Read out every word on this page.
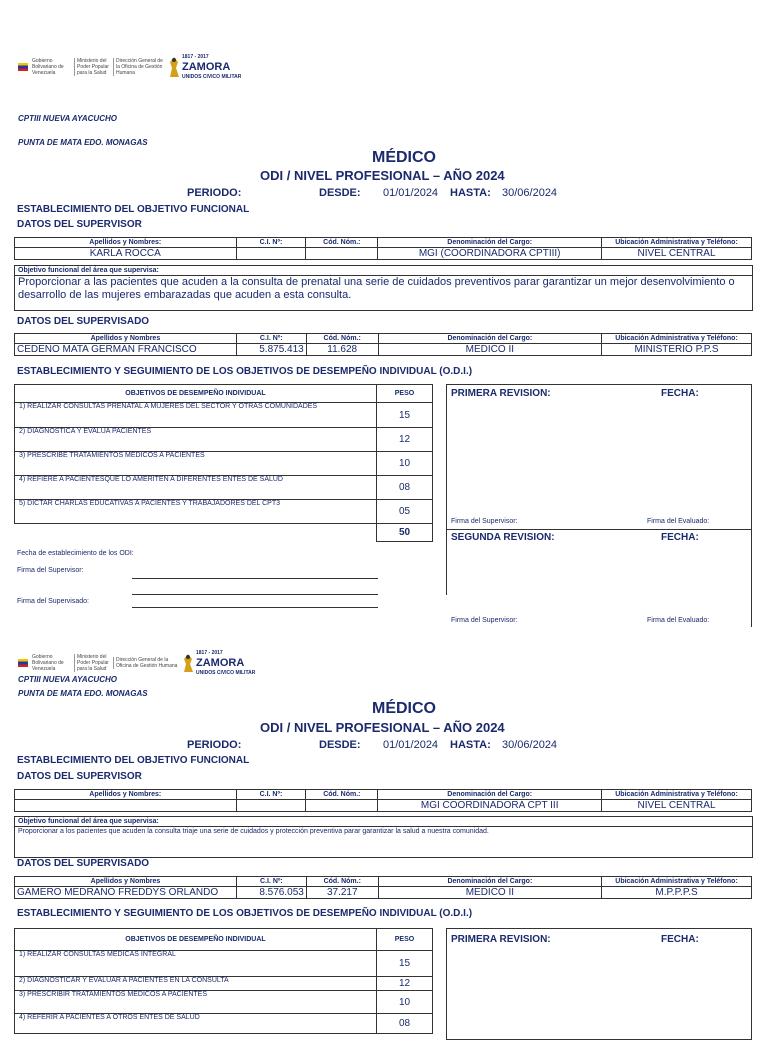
Gobierno Bolivariano de Venezuela
Ministerio del Poder Popular para la Salud
Dirección General de la Oficina de Gestión Humana
1817 - 2017
ZAMORA
UNIDOS CIVICO MILITAR
CPTIII NUEVA AYACUCHO
PUNTA DE MATA EDO. MONAGAS
MÉDICO
ODI / NIVEL PROFESIONAL – AÑO 2024
PERIODO:	DESDE: 01/01/2024 HASTA: 30/06/2024
ESTABLECIMIENTO DEL OBJETIVO FUNCIONAL
DATOS DEL SUPERVISOR
Apellidos y Nombres:	C.I. Nº:	Cód. Nóm.:	Denominación del Cargo:	Ubicación Administrativa y Teléfono:
KARLA ROCCA			MGI (COORDINADORA CPTIII)	NIVEL CENTRAL
Objetivo funcional del área que supervisa:
Proporcionar a las pacientes que acuden a la consulta de prenatal una serie de cuidados preventivos parar garantizar un mejor desenvolvimiento o desarrollo de las mujeres embarazadas que acuden a esta consulta.
DATOS DEL SUPERVISADO
Apellidos y Nombres	C.I. Nº:	Cód. Nóm.:	Denominación del Cargo:	Ubicación Administrativa y Teléfono:
CEDEÑO MATA GERMAN FRANCISCO	5.875.413	11.628	MEDICO II	MINISTERIO P.P.S
ESTABLECIMIENTO Y SEGUIMIENTO DE LOS OBJETIVOS DE DESEMPEÑO INDIVIDUAL (O.D.I.)
OBJETIVOS DE DESEMPEÑO INDIVIDUAL	PESO
1) REALIZAR CONSULTAS PRENATAL A MUJERES DEL SECTOR Y OTRAS COMUNIDADES	15
2) DIAGNOSTICA Y EVALUA PACIENTES	12
3) PRESCRIBE TRATAMIENTOS MEDICOS A PACIENTES	10
4) REFIERE A PACIENTESQUE LO AMERITEN A DIFERENTES ENTES DE SALUD	08
5) DICTAR CHARLAS EDUCATIVAS A PACIENTES Y TRABAJADORES DEL CPT3	05
	50
PRIMERA REVISION:	FECHA:
Firma del Supervisor:	Firma del Evaluado:
SEGUNDA REVISION:	FECHA:
Firma del Supervisor:	Firma del Evaluado:
Fecha de establecimiento de los ODI:
Firma del Supervisor:
Firma del Supervisado:
Gobierno Bolivariano de Venezuela
Ministerio del Poder Popular para la Salud
Dirección General de la Oficina de Gestión Humana
1817 - 2017
ZAMORA
UNIDOS CIVICO MILITAR
CPTIII NUEVA AYACUCHO
PUNTA DE MATA EDO. MONAGAS
MÉDICO
ODI / NIVEL PROFESIONAL – AÑO 2024
PERIODO:	DESDE: 01/01/2024 HASTA: 30/06/2024
ESTABLECIMIENTO DEL OBJETIVO FUNCIONAL
DATOS DEL SUPERVISOR
Apellidos y Nombres:	C.I. Nº:	Cód. Nóm.:	Denominación del Cargo:	Ubicación Administrativa y Teléfono:
			MGI COORDINADORA CPT III	NIVEL CENTRAL
Objetivo funcional del área que supervisa:
Proporcionar a los pacientes que acuden la consulta triaje una serie de cuidados y protección preventiva parar garantizar la salud a nuestra comunidad.
DATOS DEL SUPERVISADO
Apellidos y Nombres	C.I. Nº:	Cód. Nóm.:	Denominación del Cargo:	Ubicación Administrativa y Teléfono:
GAMERO MEDRANO FREDDYS ORLANDO	8.576.053	37.217	MEDICO II	M.P.P.P.S
ESTABLECIMIENTO Y SEGUIMIENTO DE LOS OBJETIVOS DE DESEMPEÑO INDIVIDUAL (O.D.I.)
OBJETIVOS DE DESEMPEÑO INDIVIDUAL	PESO
1) REALIZAR CONSULTAS MEDICAS INTEGRAL	15
2) DIAGNOSTICAR Y EVALUAR A PACIENTES EN LA CONSULTA	12
3) PRESCRIBIR TRATAMIENTOS MEDICOS A PACIENTES	10
4) REFERIR A PACIENTES A OTROS ENTES DE SALUD	08
PRIMERA REVISION:	FECHA:
